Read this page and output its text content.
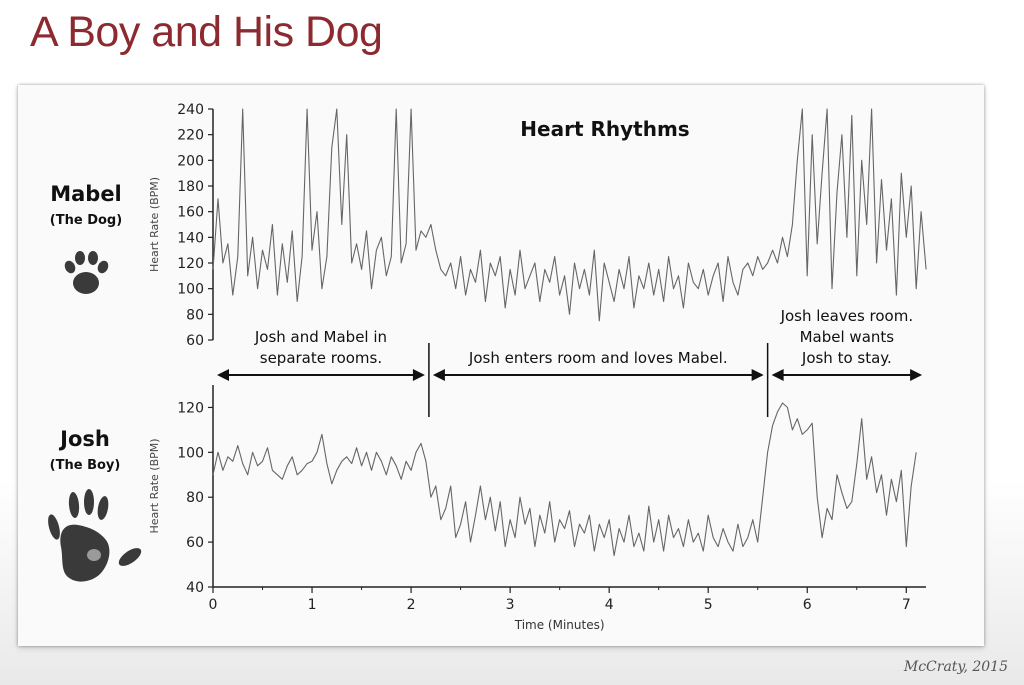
A Boy and His Dog
Heart Rhythms
Mabel
(The Dog)
Josh
(The Boy)
60
80
100
120
140
160
180
200
220
240
Heart Rate (BPM)
40
60
80
100
120
Heart Rate (BPM)
0	1	2	3	4	5	6	7
Time (Minutes)
Josh and Mabel in
separate rooms.	Josh enters room and loves Mabel.
Josh leaves room.
Mabel wants
Josh to stay.

McCraty, 2015
